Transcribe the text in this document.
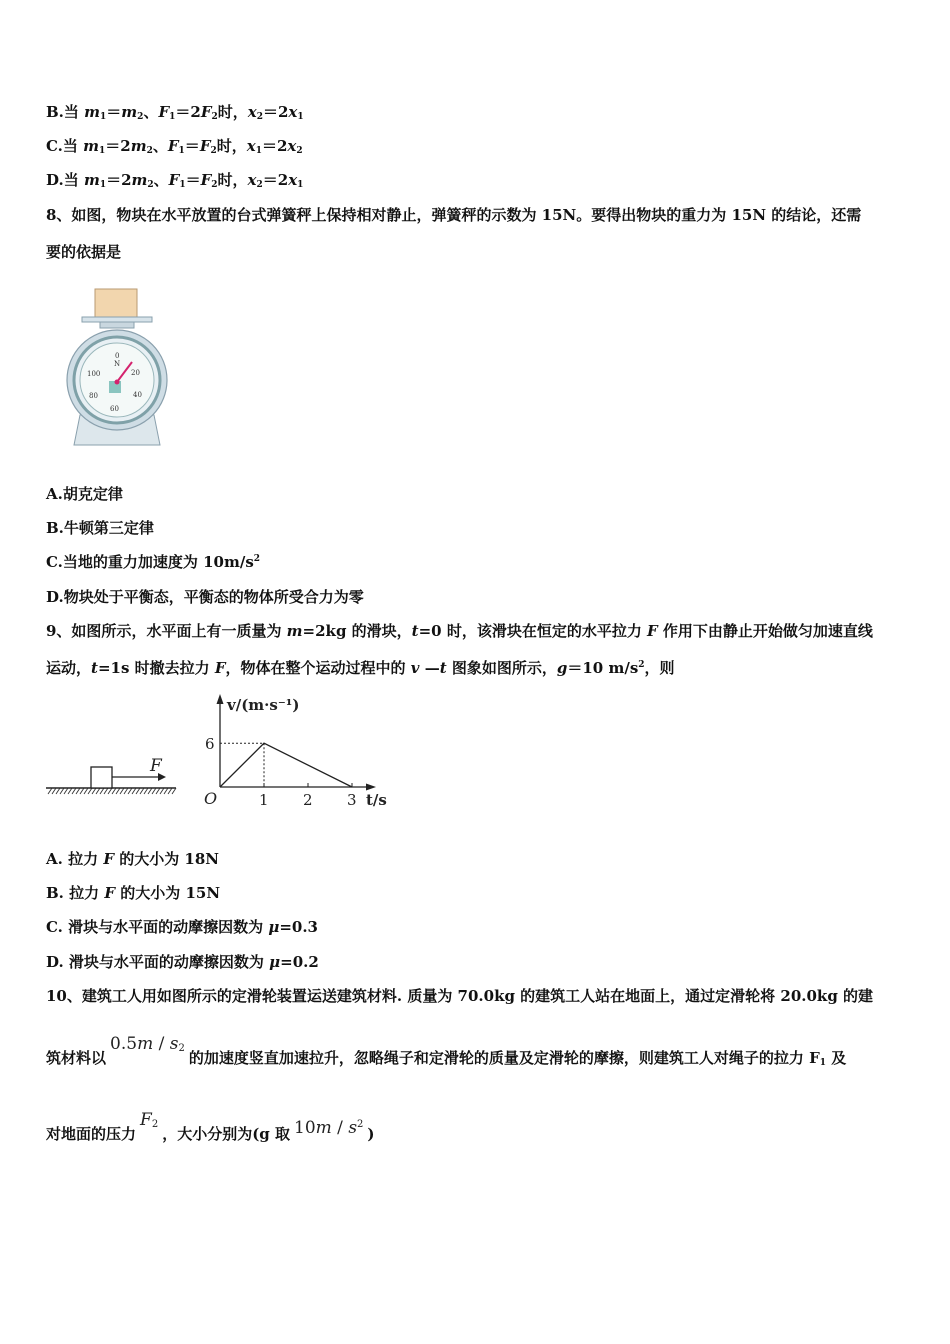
B.当 $m_1=m_2$、$F_1=2F_2$时，$x_2=2x_1$
C.当 $m_1=2m_2$、$F_1=F_2$时，$x_1=2x_2$
D.当 $m_1=2m_2$、$F_1=F_2$时，$x_2=2x_1$
8、如图，物块在水平放置的台式弹簧秤上保持相对静止，弹簧秤的示数为 15N。要得出物块的重力为 15N 的结论，还需
要的依据是
0
N
20
40
60
80
100
A.胡克定律
B.牛顿第三定律
C.当地的重力加速度为 $10m/s^2$
D.物块处于平衡态，平衡态的物体所受合力为零
9、如图所示，水平面上有一质量为 m=2kg 的滑块，t=0 时，该滑块在恒定的水平拉力 F 作用下由静止开始做匀加速直线
运动，t=1s 时撤去拉力 F，物体在整个运动过程中的 v —t 图象如图所示，g＝10 $m/s^2$，则
F
v/(m·s⁻¹)
t/s
O	1 2 3
6
A. 拉力 F 的大小为 18N
B. 拉力 F 的大小为 15N
C. 滑块与水平面的动摩擦因数为 μ=0.3
D. 滑块与水平面的动摩擦因数为 μ=0.2
10、建筑工人用如图所示的定滑轮装置运送建筑材料. 质量为 70.0kg 的建筑工人站在地面上，通过定滑轮将 20.0kg 的建
筑材料以$0.5m / s_2$的加速度竖直加速拉升，忽略绳子和定滑轮的质量及定滑轮的摩擦，则建筑工人对绳子的拉力 $F_1$ 及
对地面的压力$F_2$，大小分别为(g 取 $10m / s^2$)
